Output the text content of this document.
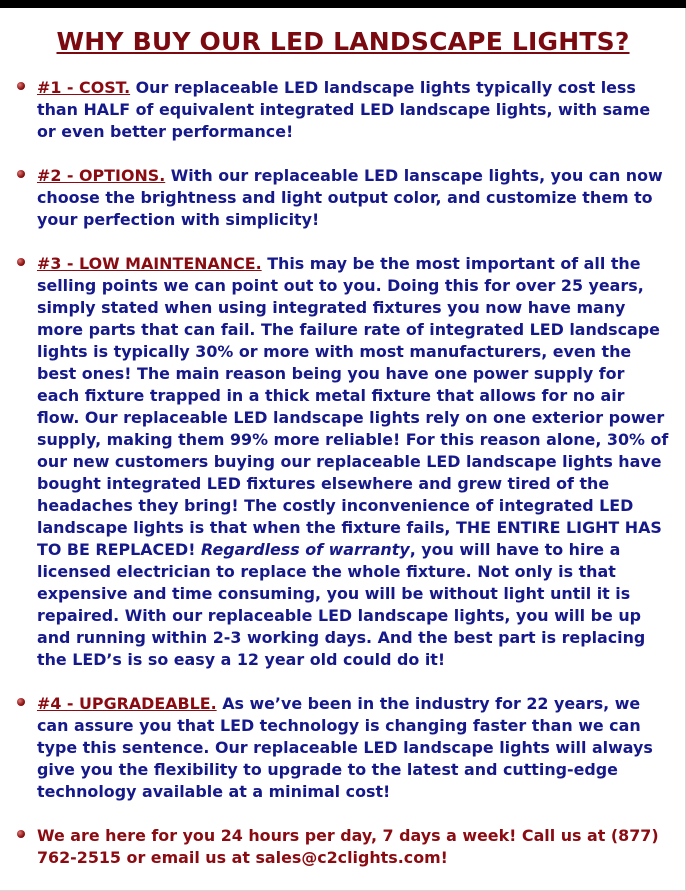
WHY BUY OUR LED LANDSCAPE LIGHTS?
#1 - COST. Our replaceable LED landscape lights typically cost less than HALF of equivalent integrated LED landscape lights, with same or even better performance!
#2 - OPTIONS. With our replaceable LED lanscape lights, you can now choose the brightness and light output color, and customize them to your perfection with simplicity!
#3 - LOW MAINTENANCE. This may be the most important of all the selling points we can point out to you. Doing this for over 25 years, simply stated when using integrated fixtures you now have many more parts that can fail. The failure rate of integrated LED landscape lights is typically 30% or more with most manufacturers, even the best ones! The main reason being you have one power supply for each fixture trapped in a thick metal fixture that allows for no air flow. Our replaceable LED landscape lights rely on one exterior power supply, making them 99% more reliable! For this reason alone, 30% of our new customers buying our replaceable LED landscape lights have bought integrated LED fixtures elsewhere and grew tired of the headaches they bring! The costly inconvenience of integrated LED landscape lights is that when the fixture fails, THE ENTIRE LIGHT HAS TO BE REPLACED! Regardless of warranty, you will have to hire a licensed electrician to replace the whole fixture. Not only is that expensive and time consuming, you will be without light until it is repaired. With our replaceable LED landscape lights, you will be up and running within 2-3 working days. And the best part is replacing the LED’s is so easy a 12 year old could do it!
#4 - UPGRADEABLE. As we’ve been in the industry for 22 years, we can assure you that LED technology is changing faster than we can type this sentence. Our replaceable LED landscape lights will always give you the flexibility to upgrade to the latest and cutting-edge technology available at a minimal cost!
We are here for you 24 hours per day, 7 days a week! Call us at (877) 762-2515 or email us at sales@c2clights.com!
